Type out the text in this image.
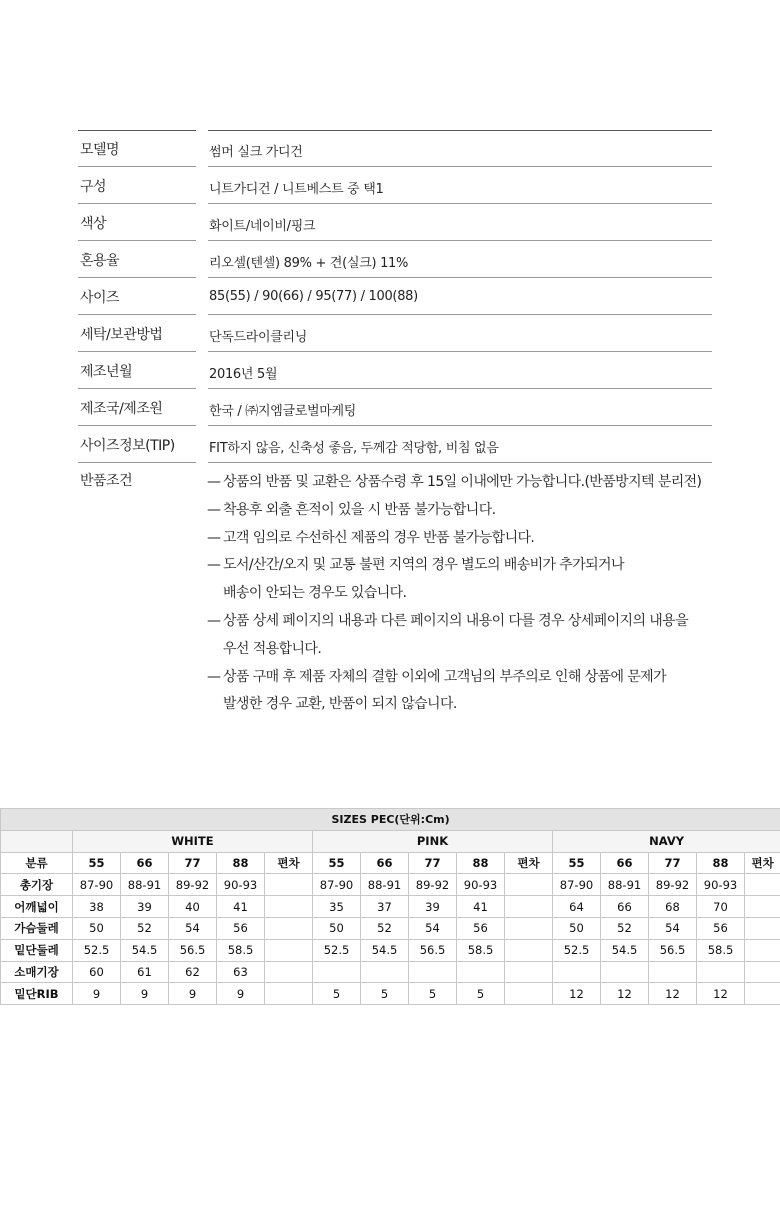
모델명	썸머 실크 가디건
구성	니트가디건 / 니트베스트 중 택1
색상	화이트/네이비/핑크
혼용율	리오셀(텐셀) 89% + 견(실크) 11%
사이즈	85(55) / 90(66) / 95(77) / 100(88)
세탁/보관방법	단독드라이클리닝
제조년월	2016년 5월
제조국/제조원	한국 / ㈜지엠글로벌마케팅
사이즈정보(TIP)	FIT하지 않음, 신축성 좋음, 두께감 적당함, 비침 없음
반품조건	— 상품의 반품 및 교환은 상품수령 후 15일 이내에만 가능합니다.(반품방지텍 분리전)
— 착용후 외출 흔적이 있을 시 반품 불가능합니다.
— 고객 임의로 수선하신 제품의 경우 반품 불가능합니다.
— 도서/산간/오지 및 교통 불편 지역의 경우 별도의 배송비가 추가되거나
배송이 안되는 경우도 있습니다.
— 상품 상세 페이지의 내용과 다른 페이지의 내용이 다를 경우 상세페이지의 내용을
우선 적용합니다.
— 상품 구매 후 제품 자체의 결함 이외에 고객님의 부주의로 인해 상품에 문제가
발생한 경우 교환, 반품이 되지 않습니다.
SIZES PEC(단위:Cm)															
	WHITE					PINK					NAVY				
분류	55	66	77	88	편차	55	66	77	88	편차	55	66	77	88	편차
총기장	87-90	88-91	89-92	90-93		87-90	88-91	89-92	90-93		87-90	88-91	89-92	90-93	
어깨넓이	38	39	40	41		35	37	39	41		64	66	68	70	
가슴둘레	50	52	54	56		50	52	54	56		50	52	54	56	
밑단둘레	52.5	54.5	56.5	58.5		52.5	54.5	56.5	58.5		52.5	54.5	56.5	58.5	
소매기장	60	61	62	63											
밑단RIB	9	9	9	9		5	5	5	5		12	12	12	12	
